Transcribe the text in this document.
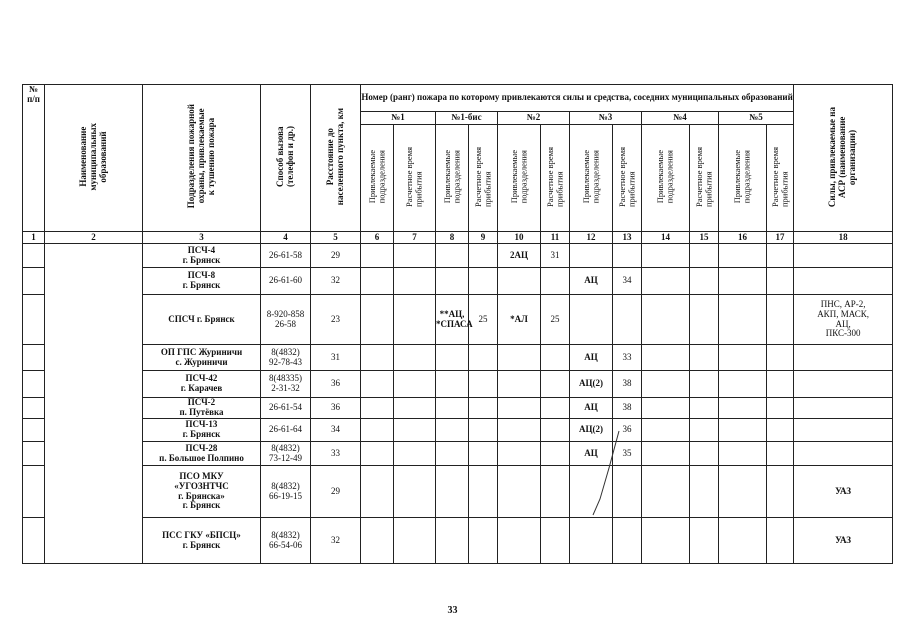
№
п/п	Наименование
муниципальных
образований	Подразделения пожарной
охраны, привлекаемые
к тушению пожара	Способ вызова
(телефон и др.)	Расстояние до
населенного пункта, км	Номер (ранг) пожара по которому привлекаются силы и средства, соседних муниципальных образований												Силы, привлекаемые на
АСР (наименование
организации)
					№1		№1-бис		№2		№3		№4		№5		
					Привлекаемые
подразделения	Расчетное время
прибытия	Привлекаемые
подразделения	Расчетное время
прибытия	Привлекаемые
подразделения	Расчетное время
прибытия	Привлекаемые
подразделения	Расчетное время
прибытия	Привлекаемые
подразделения	Расчетное время
прибытия	Привлекаемые
подразделения	Расчетное время
прибытия	
1	2	3	4	5	6	7	8	9	10	11	12	13	14	15	16	17	18
		ПСЧ-4
г. Брянск	26-61-58	29					2АЦ	31							
		ПСЧ-8
г. Брянск	26-61-60	32							АЦ	34					
		СПСЧ г. Брянск	8-920-858
26-58	23			**АЦ,
*СПАСА	25	*АЛ	25							ПНС, АР-2,
АКП, МАСК,
АЦ,
ПКС-300
		ОП ГПС Журиничи
с. Журиничи	8(4832)
92-78-43	31							АЦ	33					
		ПСЧ-42
г. Карачев	8(48335)
2-31-32	36							АЦ(2)	38					
		ПСЧ-2
п. Путёвка	26-61-54	36							АЦ	38					
		ПСЧ-13
г. Брянск	26-61-64	34							АЦ(2)	36					
		ПСЧ-28
п. Большое Полпино	8(4832)
73-12-49	33							АЦ	35					
		ПСО МКУ
«УГОЗНТЧС
г. Брянска»
г. Брянск	8(4832)
66-19-15	29													УАЗ
		ПСС ГКУ «БПСЦ»
г. Брянск	8(4832)
66-54-06	32													УАЗ
33
